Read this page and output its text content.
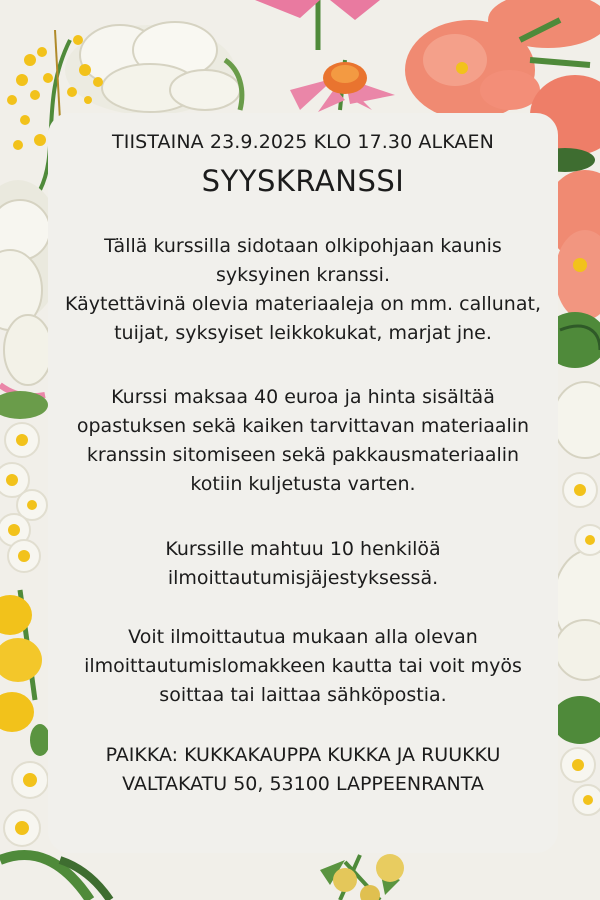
TIISTAINA 23.9.2025 KLO 17.30 ALKAEN
SYYSKRANSSI
Tällä kurssilla sidotaan olkipohjaan kaunis
syksyinen kranssi.
Käytettävinä olevia materiaaleja on mm. callunat,
tuijat, syksyiset leikkokukat, marjat jne.
Kurssi maksaa 40 euroa ja hinta sisältää
opastuksen sekä kaiken tarvittavan materiaalin
kranssin sitomiseen sekä pakkausmateriaalin
kotiin kuljetusta varten.
Kurssille mahtuu 10 henkilöä
ilmoittautumisjäjestyksessä.
Voit ilmoittautua mukaan alla olevan
ilmoittautumislomakkeen kautta tai voit myös
soittaa tai laittaa sähköpostia.
PAIKKA: KUKKAKAUPPA KUKKA JA RUUKKU
VALTAKATU 50, 53100 LAPPEENRANTA
